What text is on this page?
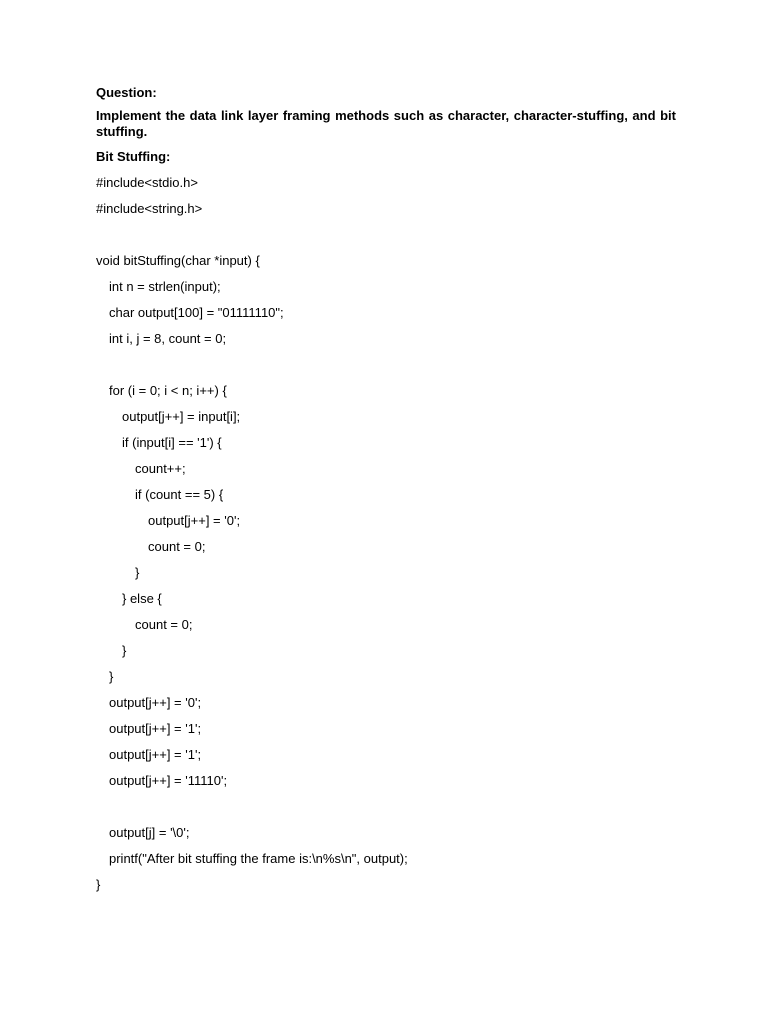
Question:
Implement the data link layer framing methods such as character, character-stuffing, and bit stuffing.
Bit Stuffing:
#include<stdio.h>
#include<string.h>
void bitStuffing(char *input) {
int n = strlen(input);
char output[100] = "01111110";
int i, j = 8, count = 0;
for (i = 0; i < n; i++) {
output[j++] = input[i];
if (input[i] == '1') {
count++;
if (count == 5) {
output[j++] = '0';
count = 0;
}
} else {
count = 0;
}
}
output[j++] = '0';
output[j++] = '1';
output[j++] = '1';
output[j++] = '11110';
output[j] = '\0';
printf("After bit stuffing the frame is:\n%s\n", output);
}
